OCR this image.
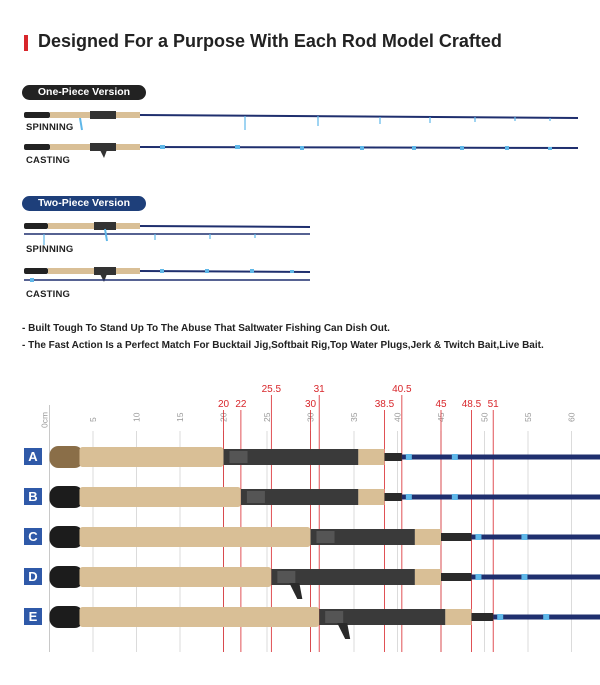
Designed For a Purpose With Each Rod Model Crafted
One-Piece Version
SPINNING
CASTING
Two-Piece Version
SPINNING
CASTING
- Built Tough To Stand Up To The Abuse That Saltwater Fishing Can Dish Out.
- The Fast Action Is a Perfect Match For Bucktail Jig,Softbait Rig,Top Water Plugs,Jerk & Twitch Bait,Live Bait.
0cm	5	10	15	20	25	30	35	40	45	50	55	60
20 22
25.5
30
31
38.5
40.5
45 48.5 51
A
B
C
D
E
